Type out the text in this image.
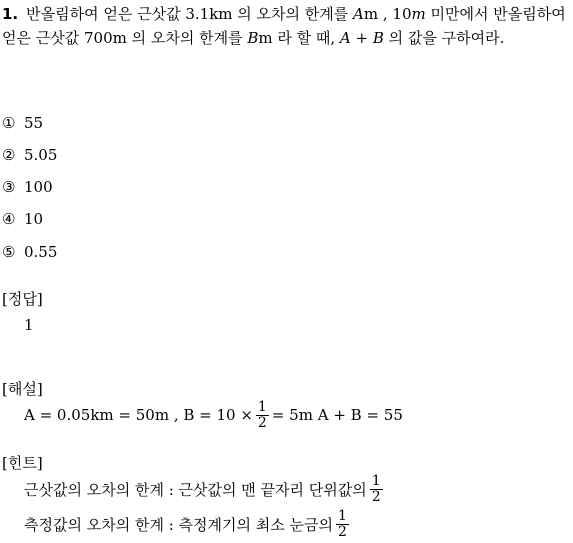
1. 반올림하여 얻은 근삿값 3.1km 의 오차의 한계를 Am , 10m 미만에서 반올림하여 얻은 근삿값 700m 의 오차의 한계를 Bm 라 할 때, A + B 의 값을 구하여라.
① 55
② 5.05
③ 100
④ 10
⑤ 0.55
[정답]
1
[해설]
A = 0.05km = 50m , $B = 10 \times \frac{1}{2} = 5m$ A + B = 55
[힌트]
근삿값의 오차의 한계 : 근삿값의 맨 끝자리 단위값의 $\frac{1}{2}$
측정값의 오차의 한계 : 측정계기의 최소 눈금의 $\frac{1}{2}$
